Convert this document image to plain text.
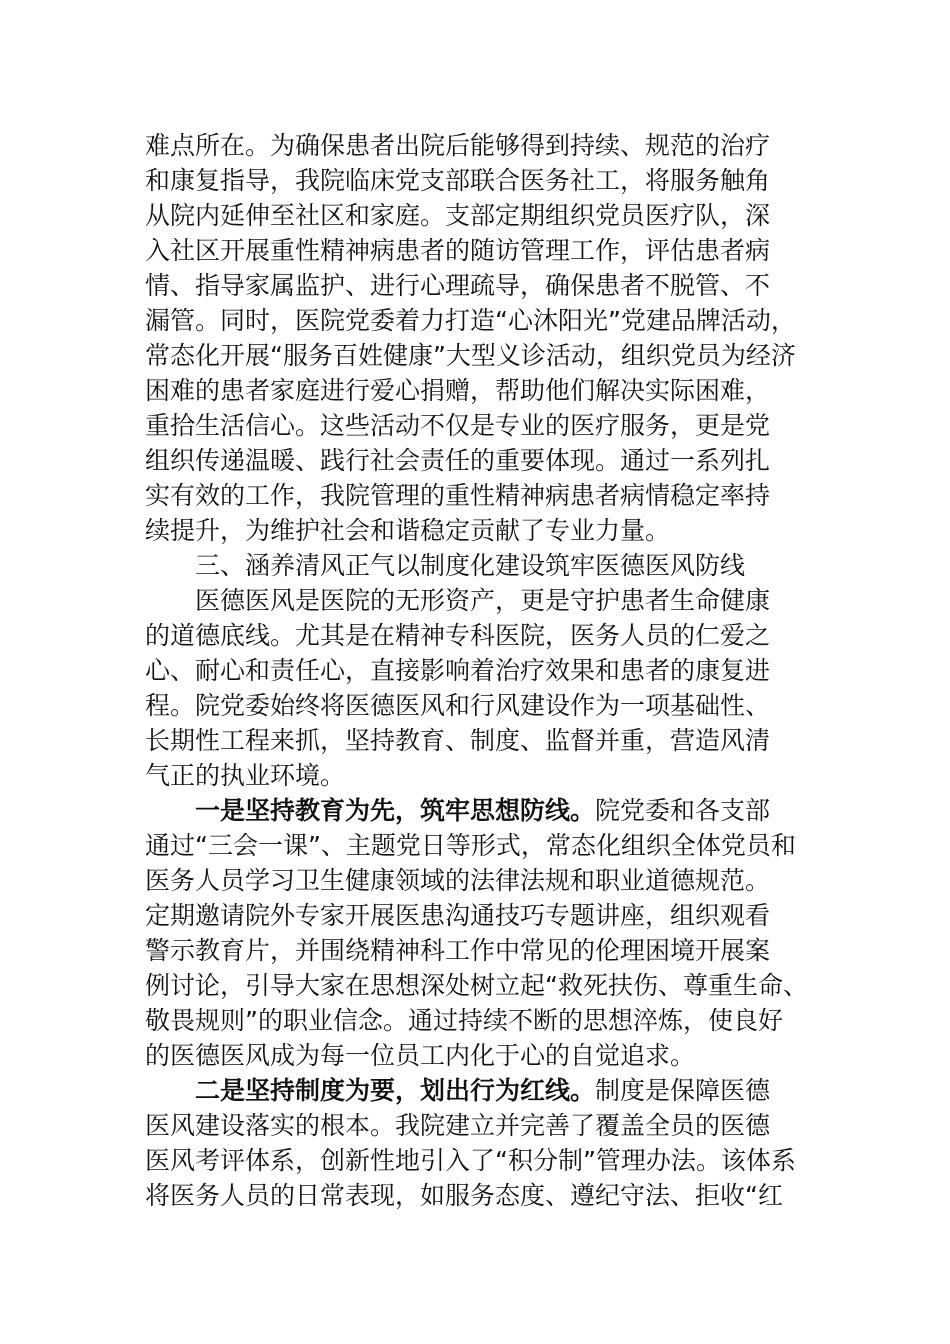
难点所在。为确保患者出院后能够得到持续、规范的治疗
和康复指导，我院临床党支部联合医务社工，将服务触角
从院内延伸至社区和家庭。支部定期组织党员医疗队，深
入社区开展重性精神病患者的随访管理工作，评估患者病
情、指导家属监护、进行心理疏导，确保患者不脱管、不
漏管。同时，医院党委着力打造“心沐阳光”党建品牌活动，
常态化开展“服务百姓健康”大型义诊活动，组织党员为经济
困难的患者家庭进行爱心捐赠，帮助他们解决实际困难，
重拾生活信心。这些活动不仅是专业的医疗服务，更是党
组织传递温暖、践行社会责任的重要体现。通过一系列扎
实有效的工作，我院管理的重性精神病患者病情稳定率持
续提升，为维护社会和谐稳定贡献了专业力量。
三、涵养清风正气以制度化建设筑牢医德医风防线
医德医风是医院的无形资产，更是守护患者生命健康
的道德底线。尤其是在精神专科医院，医务人员的仁爱之
心、耐心和责任心，直接影响着治疗效果和患者的康复进
程。院党委始终将医德医风和行风建设作为一项基础性、
长期性工程来抓，坚持教育、制度、监督并重，营造风清
气正的执业环境。
一是坚持教育为先，筑牢思想防线。院党委和各支部
通过“三会一课”、主题党日等形式，常态化组织全体党员和
医务人员学习卫生健康领域的法律法规和职业道德规范。
定期邀请院外专家开展医患沟通技巧专题讲座，组织观看
警示教育片，并围绕精神科工作中常见的伦理困境开展案
例讨论，引导大家在思想深处树立起“救死扶伤、尊重生命、
敬畏规则”的职业信念。通过持续不断的思想淬炼，使良好
的医德医风成为每一位员工内化于心的自觉追求。
二是坚持制度为要，划出行为红线。制度是保障医德
医风建设落实的根本。我院建立并完善了覆盖全员的医德
医风考评体系，创新性地引入了“积分制”管理办法。该体系
将医务人员的日常表现，如服务态度、遵纪守法、拒收“红
